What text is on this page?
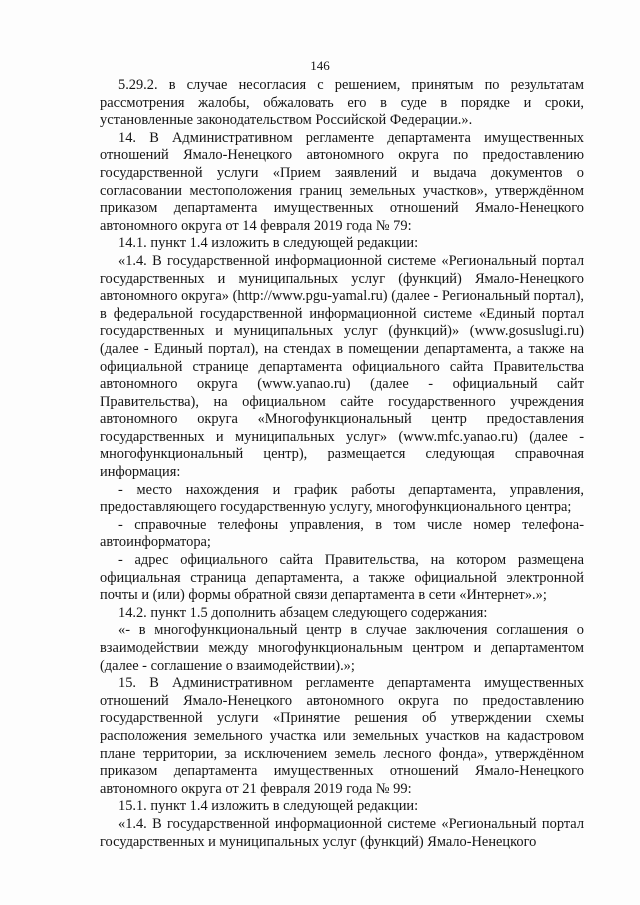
146

5.29.2. в случае несогласия с решением, принятым по результатам рассмотрения жалобы, обжаловать его в суде в порядке и сроки, установленные законодательством Российской Федерации.».

14. В Административном регламенте департамента имущественных отношений Ямало-Ненецкого автономного округа по предоставлению государственной услуги «Прием заявлений и выдача документов о согласовании местоположения границ земельных участков», утверждённом приказом департамента имущественных отношений Ямало-Ненецкого автономного округа от 14 февраля 2019 года № 79:

14.1. пункт 1.4 изложить в следующей редакции:

«1.4. В государственной информационной системе «Региональный портал государственных и муниципальных услуг (функций) Ямало-Ненецкого автономного округа» (http://www.pgu-yamal.ru) (далее - Региональный портал), в федеральной государственной информационной системе «Единый портал государственных и муниципальных услуг (функций)» (www.gosuslugi.ru) (далее - Единый портал), на стендах в помещении департамента, а также на официальной странице департамента официального сайта Правительства автономного округа (www.yanao.ru) (далее - официальный сайт Правительства), на официальном сайте государственного учреждения автономного округа «Многофункциональный центр предоставления государственных и муниципальных услуг» (www.mfc.yanao.ru) (далее - многофункциональный центр), размещается следующая справочная информация:

- место нахождения и график работы департамента, управления, предоставляющего государственную услугу, многофункционального центра;

- справочные телефоны управления, в том числе номер телефона-автоинформатора;

- адрес официального сайта Правительства, на котором размещена официальная страница департамента, а также официальной электронной почты и (или) формы обратной связи департамента в сети «Интернет».»;

14.2. пункт 1.5 дополнить абзацем следующего содержания:

«- в многофункциональный центр в случае заключения соглашения о взаимодействии между многофункциональным центром и департаментом (далее - соглашение о взаимодействии).»;

15. В Административном регламенте департамента имущественных отношений Ямало-Ненецкого автономного округа по предоставлению государственной услуги «Принятие решения об утверждении схемы расположения земельного участка или земельных участков на кадастровом плане территории, за исключением земель лесного фонда», утверждённом приказом департамента имущественных отношений Ямало-Ненецкого автономного округа от 21 февраля 2019 года № 99:

15.1. пункт 1.4 изложить в следующей редакции:

«1.4. В государственной информационной системе «Региональный портал государственных и муниципальных услуг (функций) Ямало-Ненецкого
